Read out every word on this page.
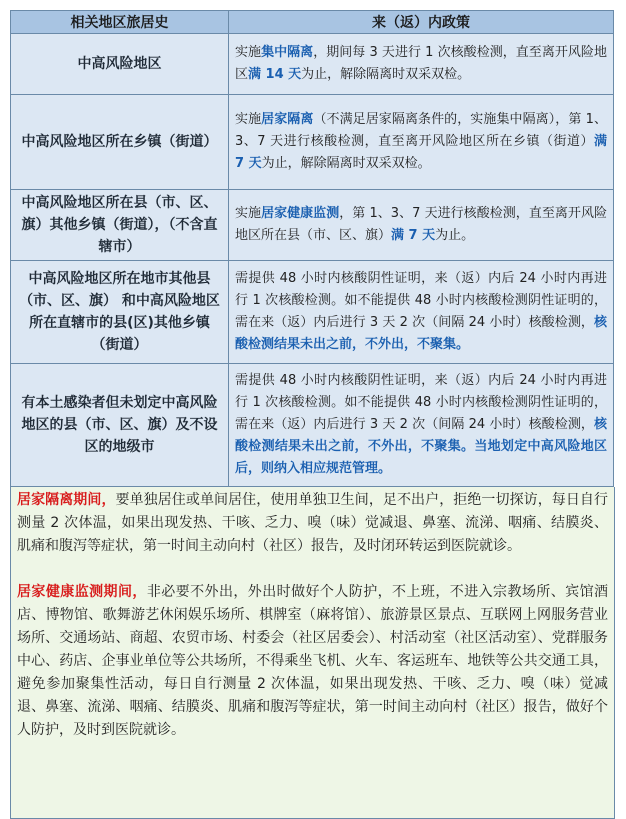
相关地区旅居史	来（返）内政策
中高风险地区	实施集中隔离，期间每 3 天进行 1 次核酸检测，直至离开风险地区满 14 天为止，解除隔离时双采双检。
中高风险地区所在乡镇（街道）	实施居家隔离（不满足居家隔离条件的，实施集中隔离），第 1、3、7 天进行核酸检测，直至离开风险地区所在乡镇（街道）满 7 天为止，解除隔离时双采双检。
中高风险地区所在县（市、区、旗）其他乡镇（街道），（不含直辖市）	实施居家健康监测，第 1、3、7 天进行核酸检测，直至离开风险地区所在县（市、区、旗）满 7 天为止。
中高风险地区所在地市其他县（市、区、旗） 和中高风险地区所在直辖市的县(区)其他乡镇（街道）	需提供 48 小时内核酸阴性证明，来（返）内后 24 小时内再进行 1 次核酸检测。如不能提供 48 小时内核酸检测阴性证明的，需在来（返）内后进行 3 天 2 次（间隔 24 小时）核酸检测，核酸检测结果未出之前，不外出，不聚集。
有本土感染者但未划定中高风险地区的县（市、区、旗）及不设区的地级市	需提供 48 小时内核酸阴性证明，来（返）内后 24 小时内再进行 1 次核酸检测。如不能提供 48 小时内核酸检测阴性证明的，需在来（返）内后进行 3 天 2 次（间隔 24 小时）核酸检测，核酸检测结果未出之前，不外出，不聚集。当地划定中高风险地区后，则纳入相应规范管理。

居家隔离期间，要单独居住或单间居住，使用单独卫生间，足不出户，拒绝一切探访，每日自行测量 2 次体温，如果出现发热、干咳、乏力、嗅（味）觉减退、鼻塞、流涕、咽痛、结膜炎、肌痛和腹泻等症状，第一时间主动向村（社区）报告，及时闭环转运到医院就诊。

居家健康监测期间，非必要不外出，外出时做好个人防护，不上班，不进入宗教场所、宾馆酒店、博物馆、歌舞游艺休闲娱乐场所、棋牌室（麻将馆）、旅游景区景点、互联网上网服务营业场所、交通场站、商超、农贸市场、村委会（社区居委会）、村活动室（社区活动室）、党群服务中心、药店、企事业单位等公共场所，不得乘坐飞机、火车、客运班车、地铁等公共交通工具，避免参加聚集性活动，每日自行测量 2 次体温，如果出现发热、干咳、乏力、嗅（味）觉减退、鼻塞、流涕、咽痛、结膜炎、肌痛和腹泻等症状，第一时间主动向村（社区）报告，做好个人防护，及时到医院就诊。
